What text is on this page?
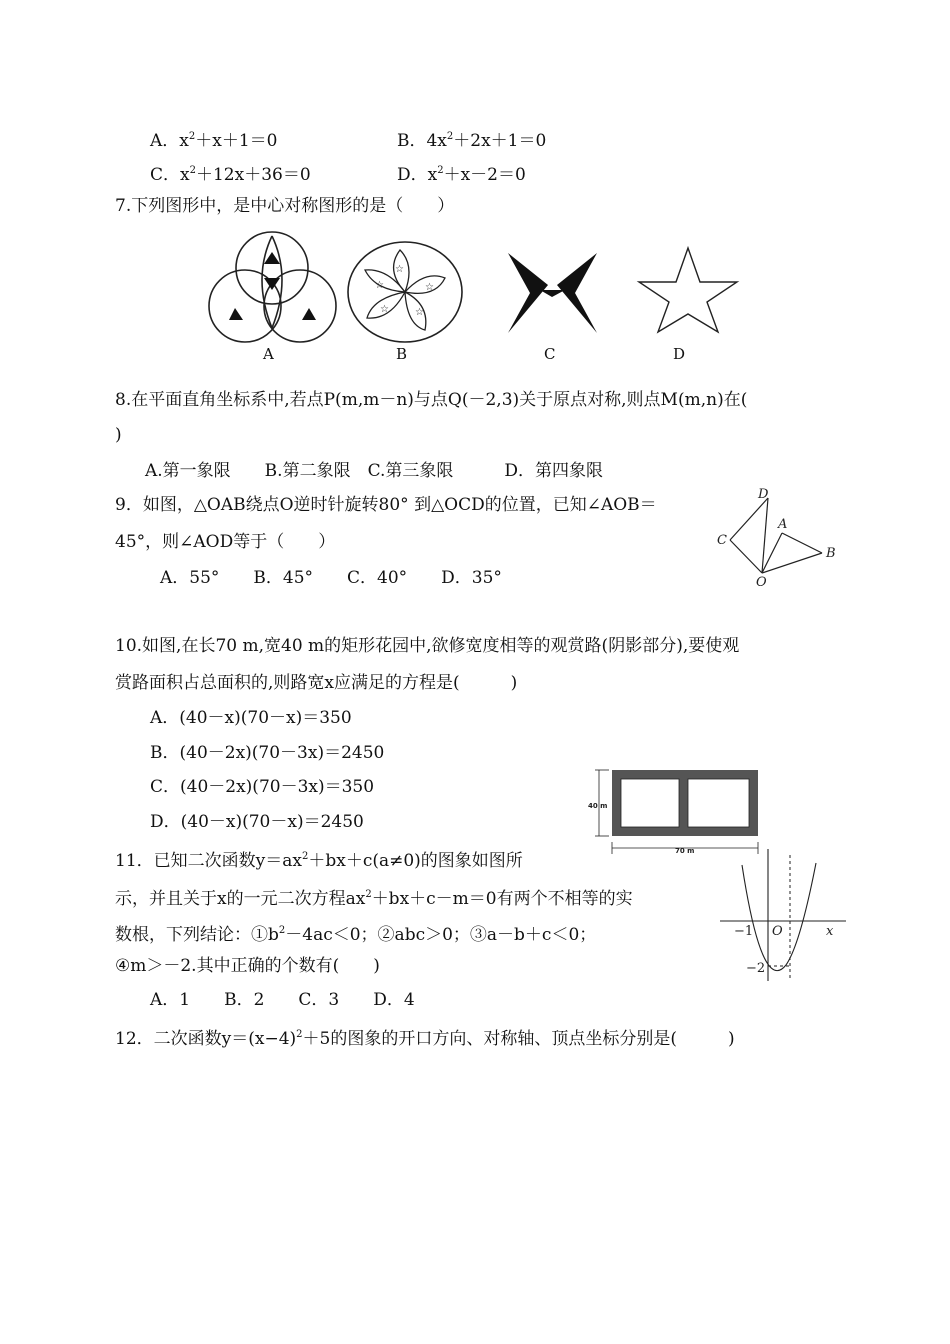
A．$x^2+x+1=0$	B．$4x^2+2x+1=0$
C．$x^2+12x+36=0$	D．$x^2+x-2=0$
7.下列图形中，是中心对称图形的是（　　）
A
☆
☆
☆
☆
☆
B	C	D
8.在平面直角坐标系中,若点P(m,m－n)与点Q(－2,3)关于原点对称,则点M(m,n)在(
)
A.第一象限　　B.第二象限　C.第三象限　　　D．第四象限
9．如图，△OAB绕点O逆时针旋转80° 到△OCD的位置，已知∠AOB＝
45°，则∠AOD等于（　　）
A．55°　　B．45°　　C．40°　　D．35°
D
A
C
B
O
10.如图,在长70 m,宽40 m的矩形花园中,欲修宽度相等的观赏路(阴影部分),要使观
赏路面积占总面积的,则路宽x应满足的方程是(　　　)
A．(40－x)(70－x)＝350
B．(40－2x)(70－3x)＝2450
C．(40－2x)(70－3x)＝350
D．(40－x)(70－x)＝2450
40 m
70 m
11．已知二次函数$y=ax^2+bx+c(a\ne 0)$的图象如图所
示，并且关于x的一元二次方程$ax^2+bx+c-m=0$有两个不相等的实
数根，下列结论：$①b^2-4ac<0$；②abc＞0；③a－b＋c＜0；
④m＞－2.其中正确的个数有(　　)
A．1　　B．2　　C．3　　D．4
−1 O	x
−2
12．二次函数$y=(x-4)^2+5$的图象的开口方向、对称轴、顶点坐标分别是(　　　)
